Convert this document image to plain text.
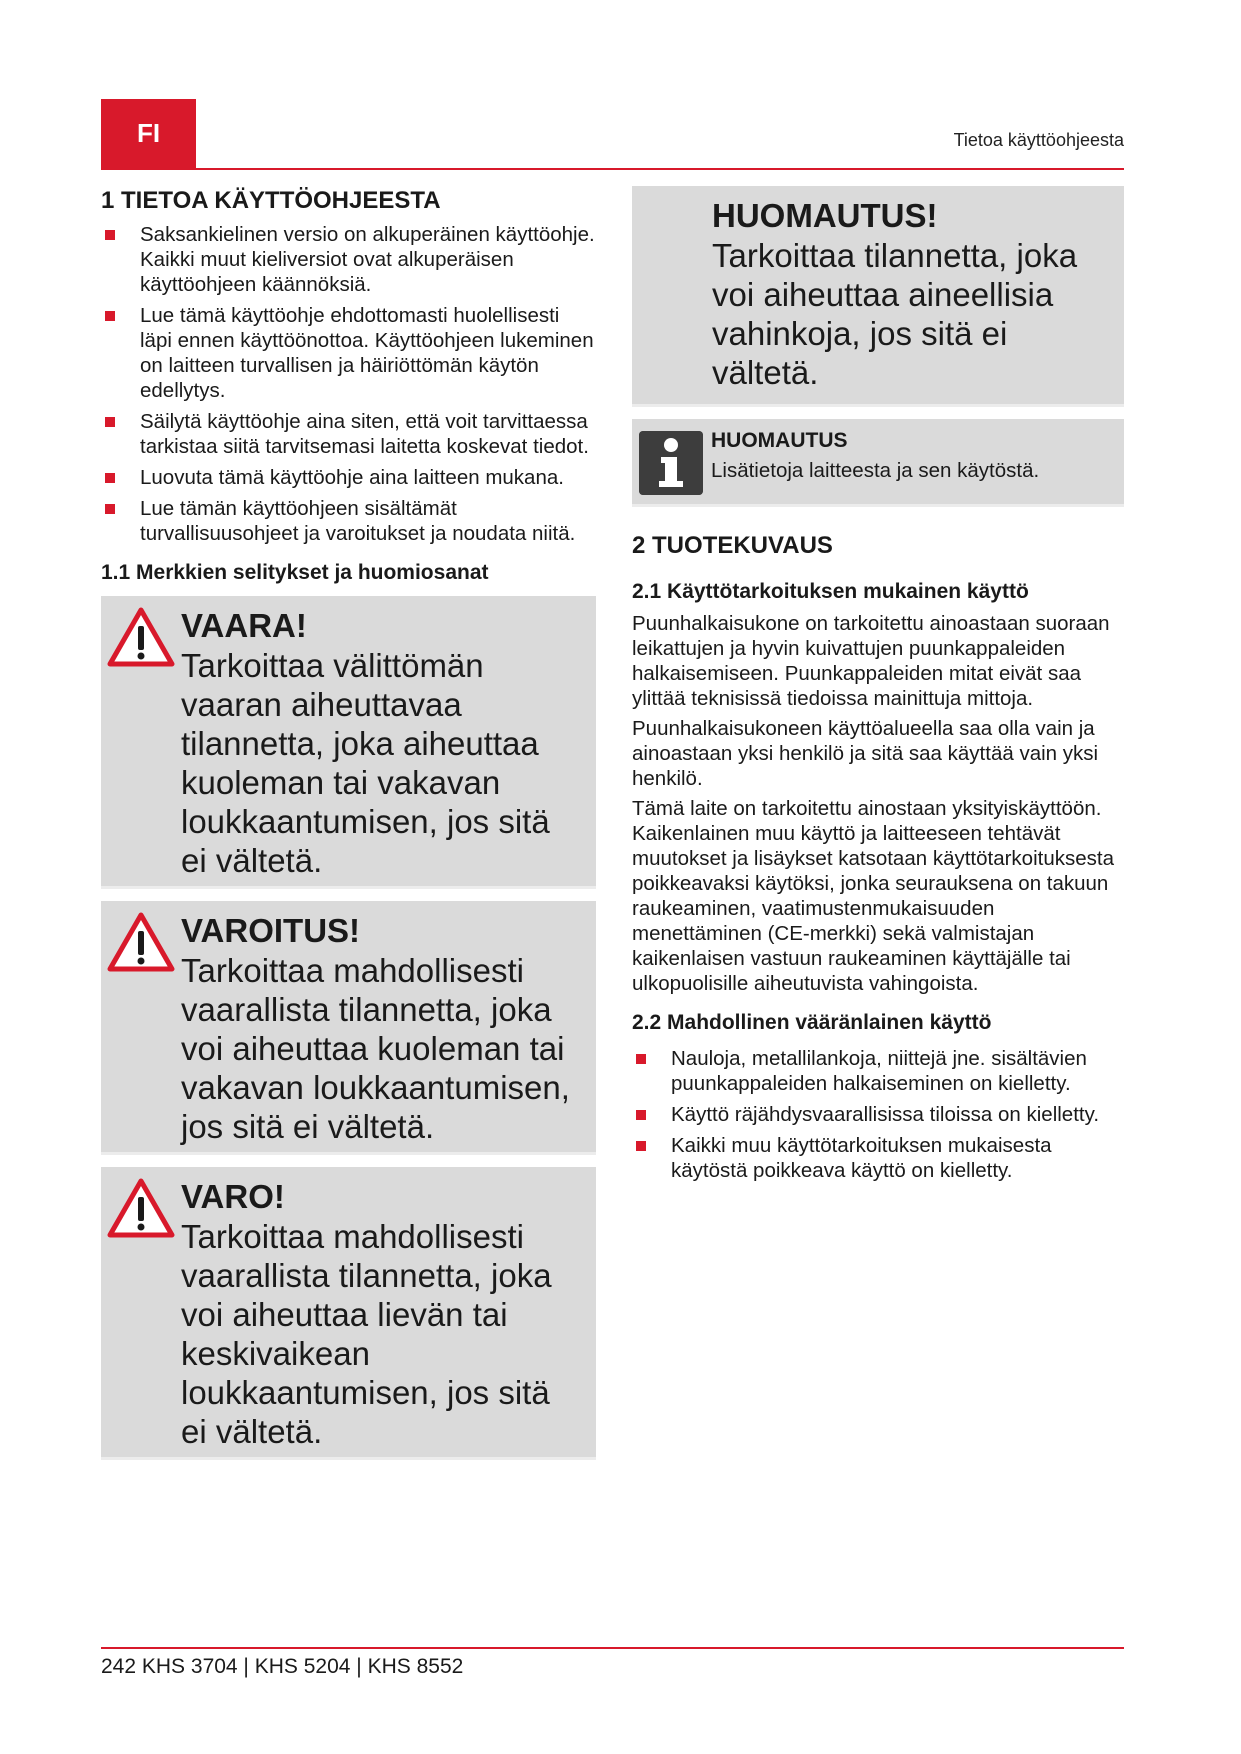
FI	Tietoa käyttöohjeesta
1 TIETOA KÄYTTÖOHJEESTA
Saksankielinen versio on alkuperäinen käyttöohje. Kaikki muut kieliversiot ovat alkuperäisen käyttöohjeen käännöksiä.
Lue tämä käyttöohje ehdottomasti huolellisesti läpi ennen käyttöönottoa. Käyttöohjeen lukeminen on laitteen turvallisen ja häiriöttömän käytön edellytys.
Säilytä käyttöohje aina siten, että voit tarvittaessa tarkistaa siitä tarvitsemasi laitetta koskevat tiedot.
Luovuta tämä käyttöohje aina laitteen mukana.
Lue tämän käyttöohjeen sisältämät turvallisuusohjeet ja varoitukset ja noudata niitä.
1.1 Merkkien selitykset ja huomiosanat
VAARA!
Tarkoittaa välittömän vaaran aiheuttavaa tilannetta, joka aiheuttaa kuoleman tai vakavan loukkaantumisen, jos sitä ei vältetä.
VAROITUS!
Tarkoittaa mahdollisesti vaarallista tilannetta, joka voi aiheuttaa kuoleman tai vakavan loukkaantumisen, jos sitä ei vältetä.
VARO!
Tarkoittaa mahdollisesti vaarallista tilannetta, joka voi aiheuttaa lievän tai keskivaikean loukkaantumisen, jos sitä ei vältetä.
HUOMAUTUS!
Tarkoittaa tilannetta, joka voi aiheuttaa aineellisia vahinkoja, jos sitä ei vältetä.
HUOMAUTUS
Lisätietoja laitteesta ja sen käytöstä.
2 TUOTEKUVAUS
2.1 Käyttötarkoituksen mukainen käyttö

Puunhalkaisukone on tarkoitettu ainoastaan suoraan leikattujen ja hyvin kuivattujen puunkappaleiden halkaisemiseen. Puunkappaleiden mitat eivät saa ylittää teknisissä tiedoissa mainittuja mittoja.

Puunhalkaisukoneen käyttöalueella saa olla vain ja ainoastaan yksi henkilö ja sitä saa käyttää vain yksi henkilö.

Tämä laite on tarkoitettu ainostaan yksityiskäyttöön. Kaikenlainen muu käyttö ja laitteeseen tehtävät muutokset ja lisäykset katsotaan käyttötarkoituksesta poikkeavaksi käytöksi, jonka seurauksena on takuun raukeaminen, vaatimustenmukaisuuden menettäminen (CE-merkki) sekä valmistajan kaikenlaisen vastuun raukeaminen käyttäjälle tai ulkopuolisille aiheutuvista vahingoista.

2.2 Mahdollinen vääränlainen käyttö
Nauloja, metallilankoja, niittejä jne. sisältävien puunkappaleiden halkaiseminen on kielletty.
Käyttö räjähdysvaarallisissa tiloissa on kielletty.
Kaikki muu käyttötarkoituksen mukaisesta käytöstä poikkeava käyttö on kielletty.
242 KHS 3704 | KHS 5204 | KHS 8552
